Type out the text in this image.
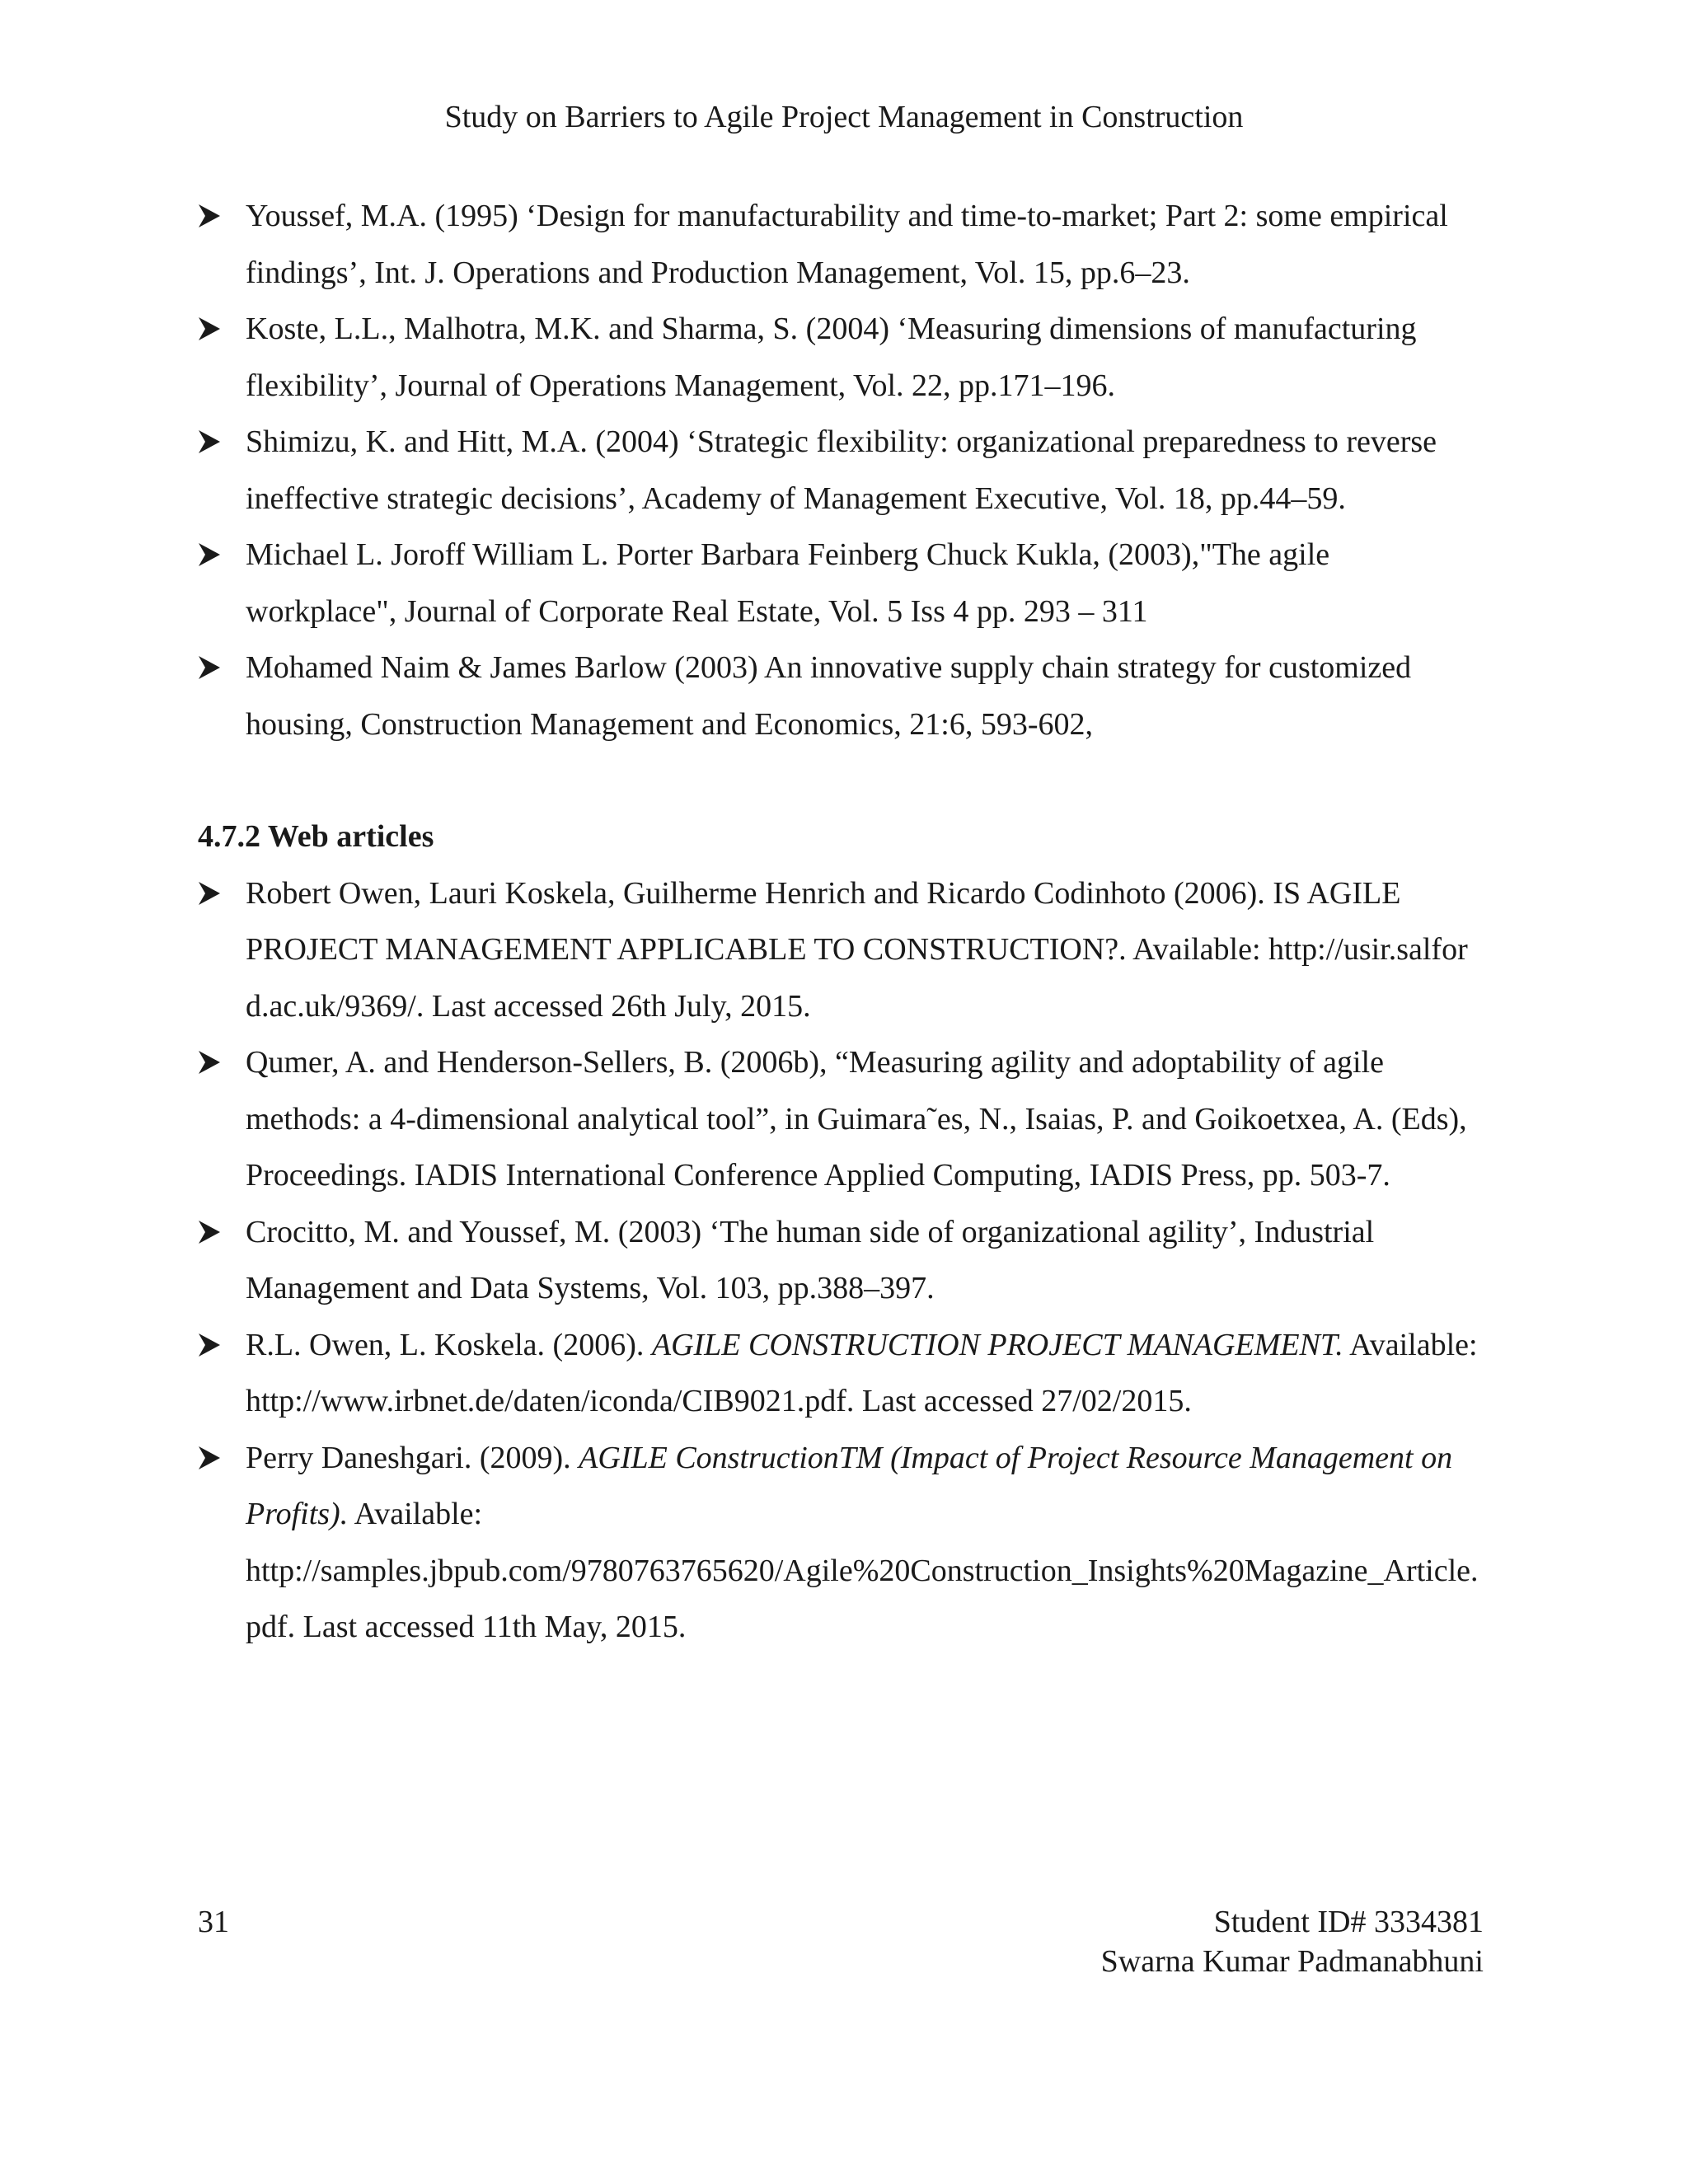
Study on Barriers to Agile Project Management in Construction
Youssef, M.A. (1995) ‘Design for manufacturability and time-to-market; Part 2: some empirical findings’, Int. J. Operations and Production Management, Vol. 15, pp.6–23.
Koste, L.L., Malhotra, M.K. and Sharma, S. (2004) ‘Measuring dimensions of manufacturing flexibility’, Journal of Operations Management, Vol. 22, pp.171–196.
Shimizu, K. and Hitt, M.A. (2004) ‘Strategic flexibility: organizational preparedness to reverse ineffective strategic decisions’, Academy of Management Executive, Vol. 18, pp.44–59.
Michael L. Joroff William L. Porter Barbara Feinberg Chuck Kukla, (2003),"The agile workplace", Journal of Corporate Real Estate, Vol. 5 Iss 4 pp. 293 – 311
Mohamed Naim & James Barlow (2003) An innovative supply chain strategy for customized housing, Construction Management and Economics, 21:6, 593-602,
4.7.2 Web articles
Robert Owen, Lauri Koskela, Guilherme Henrich and Ricardo Codinhoto (2006). IS AGILE PROJECT MANAGEMENT APPLICABLE TO CONSTRUCTION?. Available: http://usir.salford.ac.uk/9369/. Last accessed 26th July, 2015.
Qumer, A. and Henderson-Sellers, B. (2006b), “Measuring agility and adoptability of agile methods: a 4-dimensional analytical tool”, in Guimara˜es, N., Isaias, P. and Goikoetxea, A. (Eds), Proceedings. IADIS International Conference Applied Computing, IADIS Press, pp. 503-7.
Crocitto, M. and Youssef, M. (2003) ‘The human side of organizational agility’, Industrial Management and Data Systems, Vol. 103, pp.388–397.
R.L. Owen, L. Koskela. (2006). AGILE CONSTRUCTION PROJECT MANAGEMENT. Available: http://www.irbnet.de/daten/iconda/CIB9021.pdf. Last accessed 27/02/2015.
Perry Daneshgari. (2009). AGILE ConstructionTM (Impact of Project Resource Management on Profits). Available:
http://samples.jbpub.com/9780763765620/Agile%20Construction_Insights%20Magazine_Article.pdf. Last accessed 11th May, 2015.
31	Student ID# 3334381
Swarna Kumar Padmanabhuni
